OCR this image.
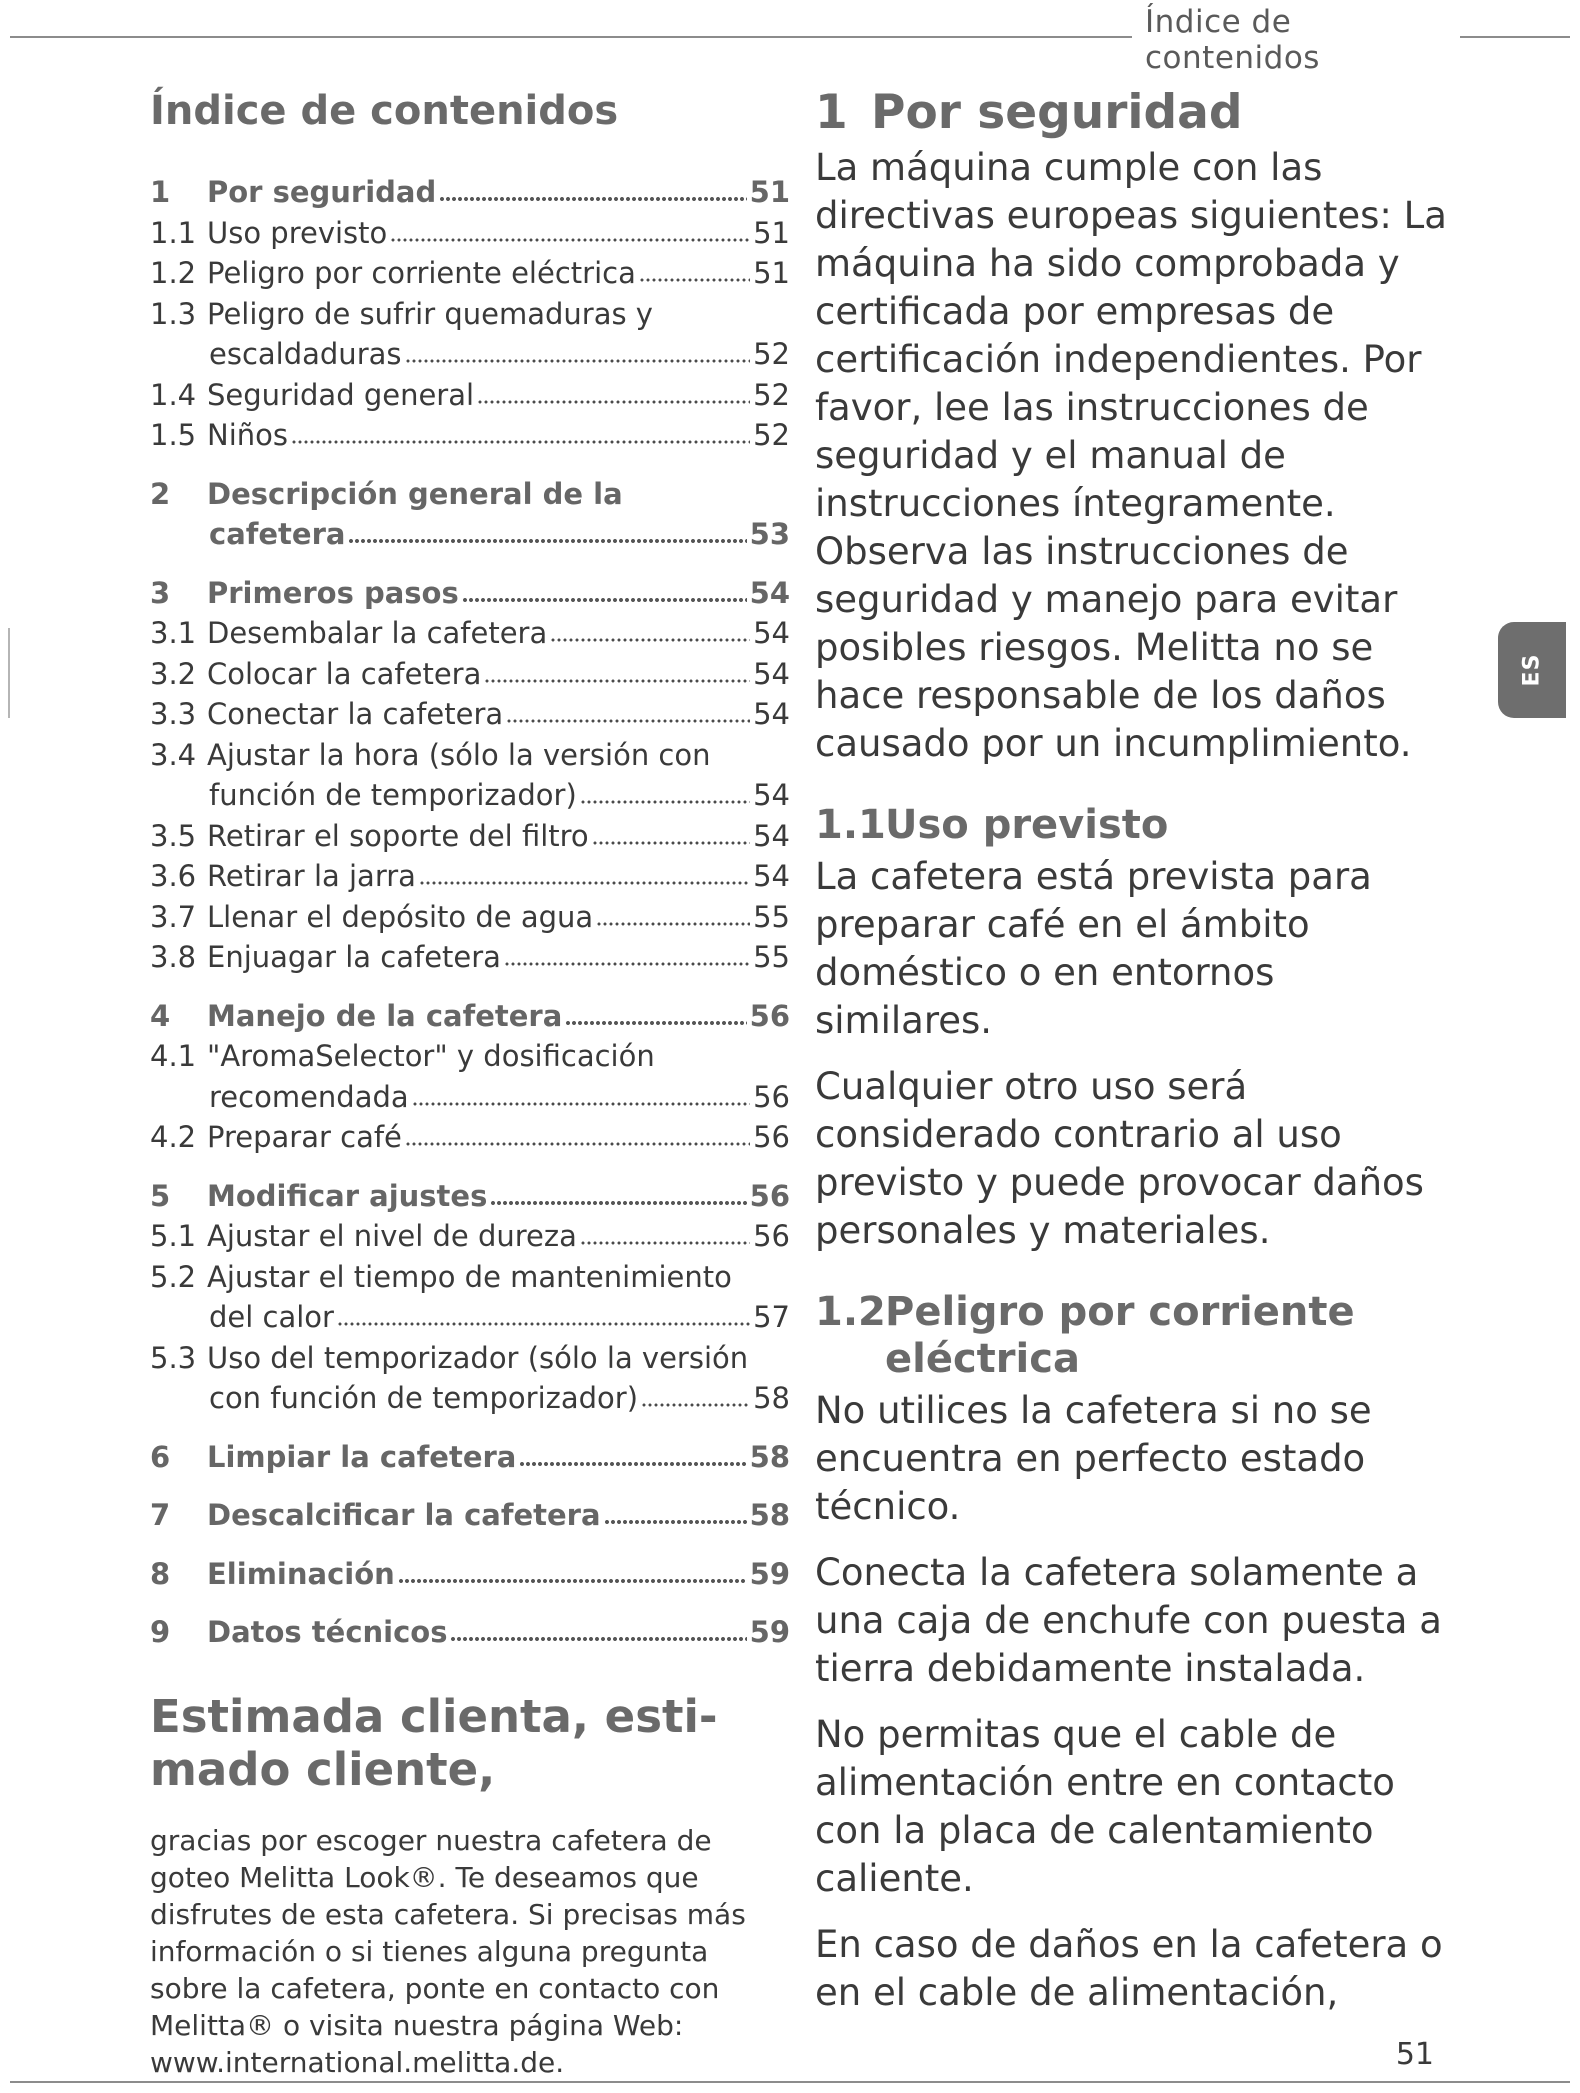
Índice de contenidos
ES
Índice de contenidos
1 Por seguridad	51
1.1 Uso previsto	51
1.2 Peligro por corriente eléctrica	51
1.3 Peligro de sufrir quemaduras y
escaldaduras	52
1.4 Seguridad general	52
1.5 Niños	52
2 Descripción general de la
cafetera	53
3 Primeros pasos	54
3.1 Desembalar la cafetera	54
3.2 Colocar la cafetera	54
3.3 Conectar la cafetera	54
3.4 Ajustar la hora (sólo la versión con
función de temporizador)	54
3.5 Retirar el soporte del filtro	54
3.6 Retirar la jarra	54
3.7 Llenar el depósito de agua	55
3.8 Enjuagar la cafetera	55
4 Manejo de la cafetera	56
4.1 "AromaSelector" y dosificación
recomendada	56
4.2 Preparar café	56
5 Modificar ajustes	56
5.1 Ajustar el nivel de dureza	56
5.2 Ajustar el tiempo de mantenimiento
del calor	57
5.3 Uso del temporizador (sólo la versión
con función de temporizador)	58
6 Limpiar la cafetera	58
7 Descalcificar la cafetera	58
8 Eliminación	59
9 Datos técnicos	59
Estimada clienta, esti-mado cliente,

gracias por escoger nuestra cafetera de goteo Melitta Look®. Te deseamos que disfrutes de esta cafetera. Si precisas más información o si tienes alguna pregunta sobre la cafetera, ponte en contacto con Melitta® o visita nuestra página Web: www.international.melitta.de.

1 Por seguridad

La máquina cumple con las directivas europeas siguientes: La máquina ha sido comprobada y certificada por empresas de certificación independientes. Por favor, lee las instrucciones de seguridad y el manual de instrucciones íntegramente. Observa las instrucciones de seguridad y manejo para evitar posibles riesgos. Melitta no se hace responsable de los daños causado por un incumplimiento.

1.1 Uso previsto

La cafetera está prevista para preparar café en el ámbito doméstico o en entornos similares.

Cualquier otro uso será considerado contrario al uso previsto y puede provocar daños personales y materiales.

1.2 Peligro por corriente eléctrica

No utilices la cafetera si no se encuentra en perfecto estado técnico.

Conecta la cafetera solamente a una caja de enchufe con puesta a tierra debidamente instalada.

No permitas que el cable de alimentación entre en contacto con la placa de calentamiento caliente.

En caso de daños en la cafetera o en el cable de alimentación,

51
